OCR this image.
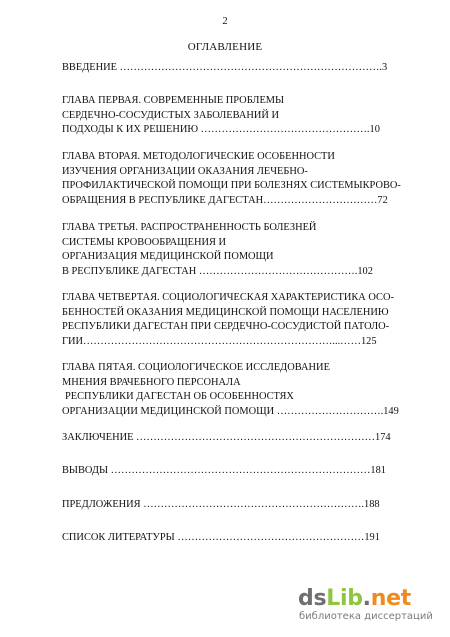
2
ОГЛАВЛЕНИЕ
ВВЕДЕНИЕ ………………………………………………………………….3
ГЛАВА ПЕРВАЯ. СОВРЕМЕННЫЕ ПРОБЛЕМЫ
СЕРДЕЧНО-СОСУДИСТЫХ ЗАБОЛЕВАНИЙ И
ПОДХОДЫ К ИХ РЕШЕНИЮ ………………………………………….10
ГЛАВА ВТОРАЯ. МЕТОДОЛОГИЧЕСКИЕ ОСОБЕННОСТИ
ИЗУЧЕНИЯ ОРГАНИЗАЦИИ ОКАЗАНИЯ ЛЕЧЕБНО-
ПРОФИЛАКТИЧЕСКОЙ ПОМОЩИ ПРИ БОЛЕЗНЯХ СИСТЕМЫКРОВО-
ОБРАЩЕНИЯ В РЕСПУБЛИКЕ ДАГЕСТАН……………………………72
ГЛАВА ТРЕТЬЯ. РАСПРОСТРАНЕННОСТЬ БОЛЕЗНЕЙ
СИСТЕМЫ КРОВООБРАЩЕНИЯ И
ОРГАНИЗАЦИЯ МЕДИЦИНСКОЙ ПОМОЩИ
В РЕСПУБЛИКЕ ДАГЕСТАН ……………………………………….102
ГЛАВА ЧЕТВЕРТАЯ. СОЦИОЛОГИЧЕСКАЯ ХАРАКТЕРИСТИКА ОСО-
БЕННОСТЕЙ ОКАЗАНИЯ МЕДИЦИНСКОЙ ПОМОЩИ НАСЕЛЕНИЮ
РЕСПУБЛИКИ ДАГЕСТАН ПРИ СЕРДЕЧНО-СОСУДИСТОЙ ПАТОЛО-
ГИИ………………………………………………………………...……125
ГЛАВА ПЯТАЯ. СОЦИОЛОГИЧЕСКОЕ ИССЛЕДОВАНИЕ
МНЕНИЯ ВРАЧЕБНОГО ПЕРСОНАЛА
РЕСПУБЛИКИ ДАГЕСТАН ОБ ОСОБЕННОСТЯХ
ОРГАНИЗАЦИИ МЕДИЦИНСКОЙ ПОМОЩИ ………………………….149
ЗАКЛЮЧЕНИЕ ……………………………………………………………174
ВЫВОДЫ …………………………………………………………………181
ПРЕДЛОЖЕНИЯ ……………………………………………………….188
СПИСОК ЛИТЕРАТУРЫ ………………………………………………191
dsLib.net
библиотека диссертаций
